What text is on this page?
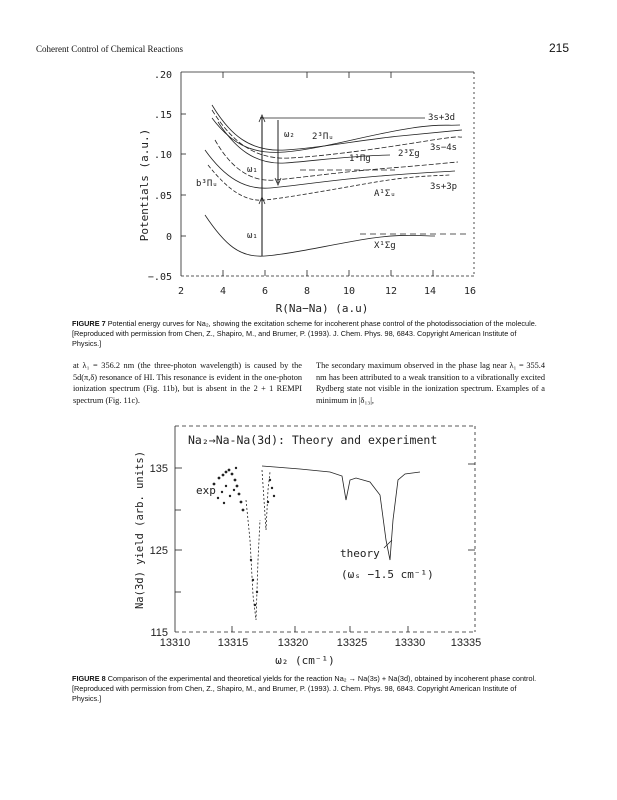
Coherent Control of Chemical Reactions	215
.20
.15
.10
.05
0
−.05
2	4	6	8	10	12	14	16
R(Na−Na) (a.u)
Potentials (a.u.)	ω₂
ω₁
ω₁
2³Πᵤ
1¹Πg	2³Σg
b³Πᵤ
A¹Σᵤ
X¹Σg
3s+3d
3s−4s
3s+3p
Na₂→Na-Na(3d): Theory and experiment
exp
theory
(ωₛ −1.5 cm⁻¹)
135
125
115
13310 13315	13320	13325 13330 13335
ω₂ (cm⁻¹)
Na(3d) yield (arb. units)
FIGURE 7 Potential energy curves for Na₂, showing the excitation scheme for incoherent phase control of the photodissociation of the molecule. [Reproduced with permission from Chen, Z., Shapiro, M., and Brumer, P. (1993). J. Chem. Phys. 98, 6843. Copyright American Institute of Physics.]
at λ₁ = 356.2 nm (the three-photon wavelength) is caused by the 5d(π,δ) resonance of HI. This resonance is evident in the one-photon ionization spectrum (Fig. 11b), but is absent in the 2 + 1 REMPI spectrum (Fig. 11c).
The secondary maximum observed in the phase lag near λ₁ = 355.4 nm has been attributed to a weak transition to a vibrationally excited Rydberg state not visible in the ionization spectrum. Examples of a minimum in |δ₁₃|,
FIGURE 8 Comparison of the experimental and theoretical yields for the reaction Na₂ → Na(3s) + Na(3d), obtained by incoherent phase control. [Reproduced with permission from Chen, Z., Shapiro, M., and Brumer, P. (1993). J. Chem. Phys. 98, 6843. Copyright American Institute of Physics.]
